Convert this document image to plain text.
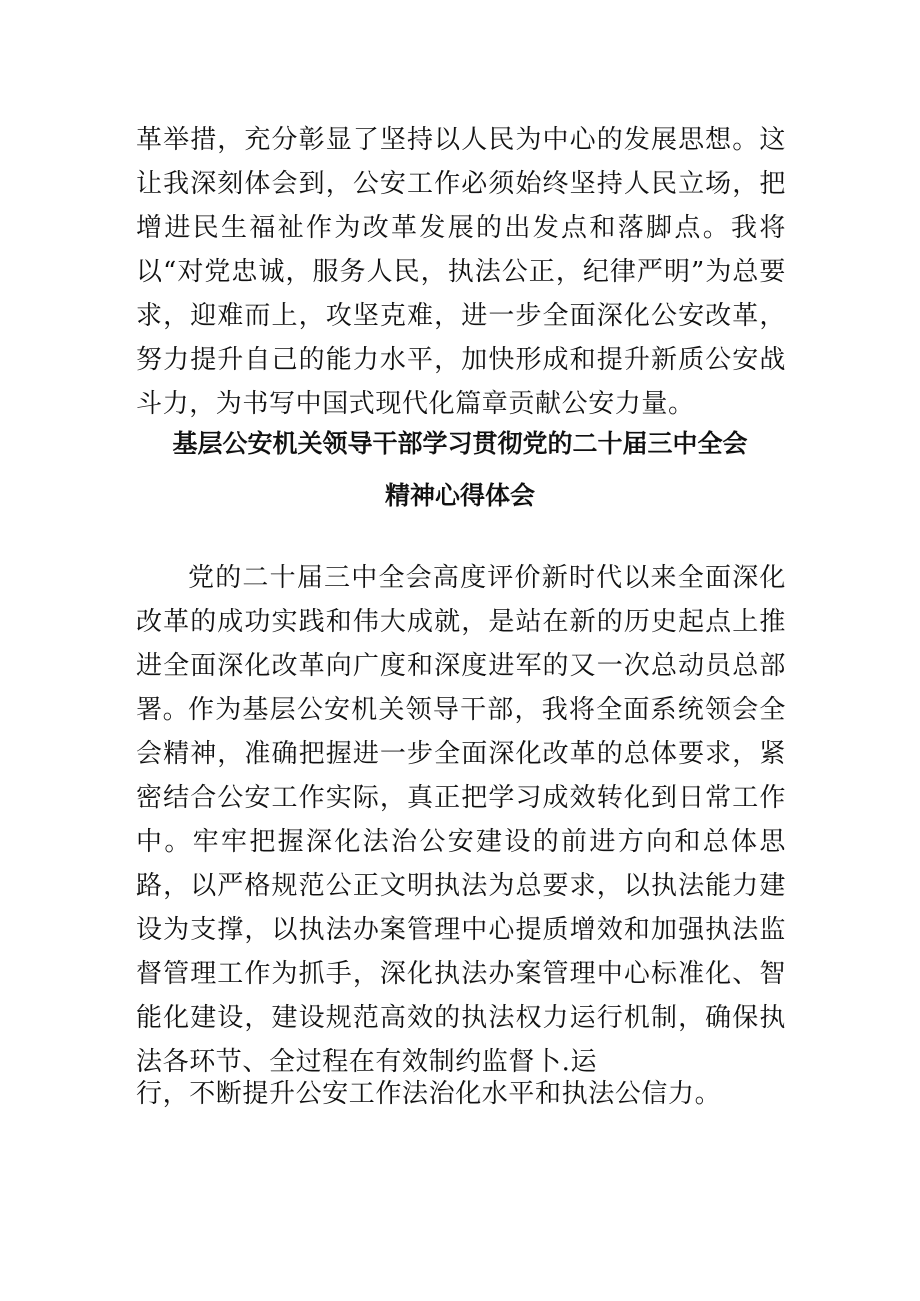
革举措，充分彰显了坚持以人民为中心的发展思想。这让我深刻体会到，公安工作必须始终坚持人民立场，把增进民生福祉作为改革发展的出发点和落脚点。我将以“对党忠诚，服务人民，执法公正，纪律严明”为总要求，迎难而上，攻坚克难，进一步全面深化公安改革，努力提升自己的能力水平，加快形成和提升新质公安战斗力，为书写中国式现代化篇章贡献公安力量。

基层公安机关领导干部学习贯彻党的二十届三中全会
精神心得体会

党的二十届三中全会高度评价新时代以来全面深化改革的成功实践和伟大成就，是站在新的历史起点上推进全面深化改革向广度和深度进军的又一次总动员总部署。

作为基层公安机关领导干部，我将全面系统领会全会精神，准确把握进一步全面深化改革的总体要求，紧密结合公安工作实际，真正把学习成效转化到日常工作中。牢牢把握深化法治公安建设的前进方向和总体思路，以严格规范公正文明执法为总要求，以执法能力建设为支撑，以执法办案管理中心提质增效和加强执法监督管理工作为抓手，深化执法办案管理中心标准化、智能化建设，建设规范高效的执法权力运行机制，确保执法各环节、全过程在有效制约监督卜.运

行，不断提升公安工作法治化水平和执法公信力。
